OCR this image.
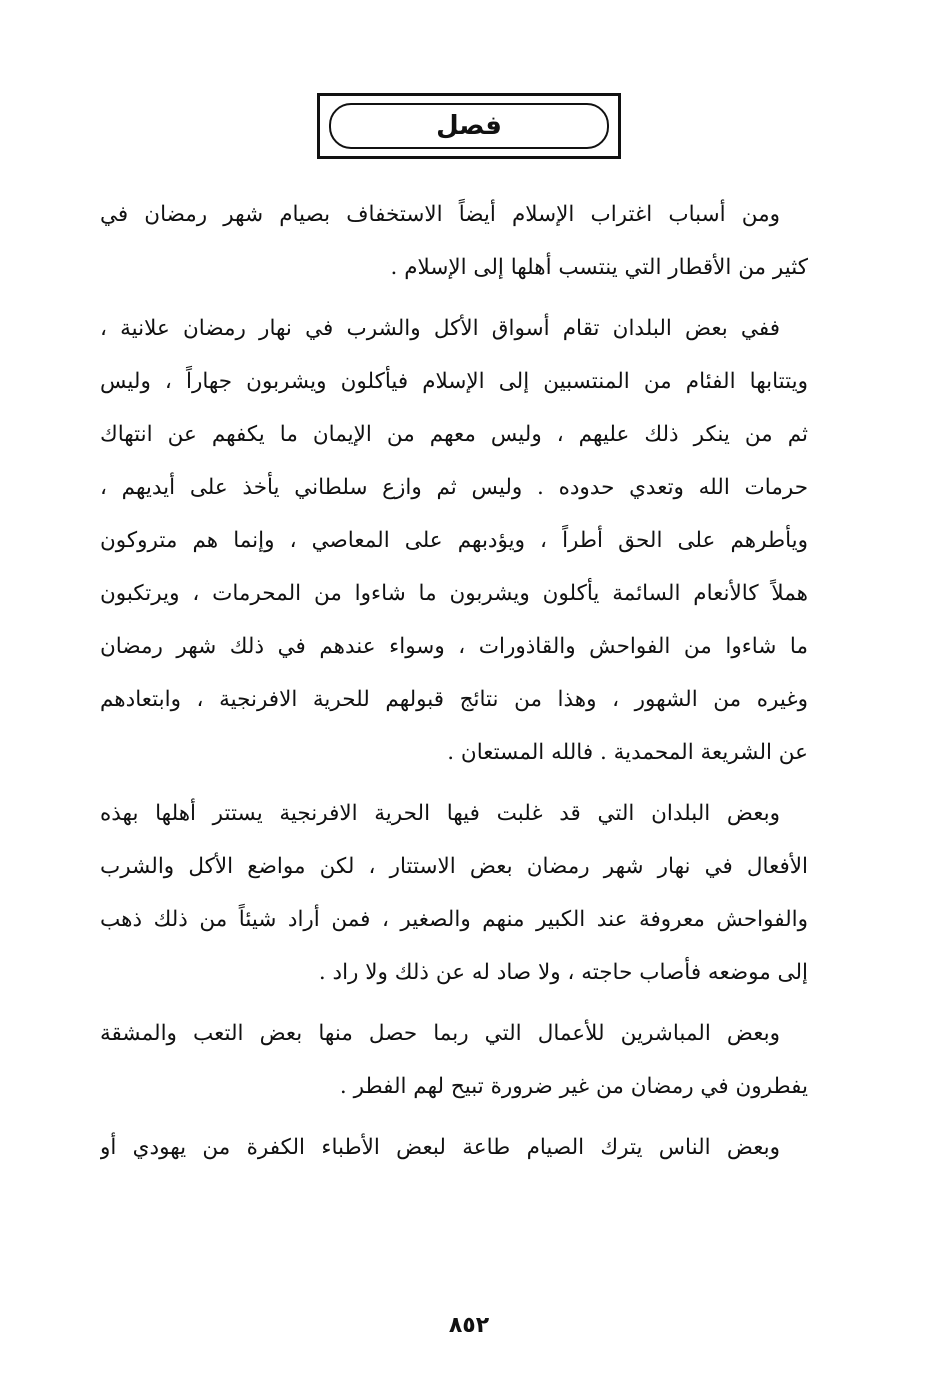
فصل

ومن أسباب اغتراب الإسلام أيضاً الاستخفاف بصيام شهر رمضان في
كثير من الأقطار التي ينتسب أهلها إلى الإسلام .

ففي بعض البلدان تقام أسواق الأكل والشرب في نهار رمضان علانية ،
ويتتابها الفئام من المنتسبين إلى الإسلام فيأكلون ويشربون جهاراً ، وليس
ثم من ينكر ذلك عليهم ، وليس معهم من الإيمان ما يكفهم عن انتهاك
حرمات الله وتعدي حدوده . وليس ثم وازع سلطاني يأخذ على أيديهم ،
ويأطرهم على الحق أطراً ، ويؤدبهم على المعاصي ، وإنما هم متروكون
هملاً كالأنعام السائمة يأكلون ويشربون ما شاءوا من المحرمات ، ويرتكبون
ما شاءوا من الفواحش والقاذورات ، وسواء عندهم في ذلك شهر رمضان
وغيره من الشهور ، وهذا من نتائج قبولهم للحرية الافرنجية ، وابتعادهم
عن الشريعة المحمدية . فالله المستعان .

وبعض البلدان التي قد غلبت فيها الحرية الافرنجية يستتر أهلها بهذه
الأفعال في نهار شهر رمضان بعض الاستتار ، لكن مواضع الأكل والشرب
والفواحش معروفة عند الكبير منهم والصغير ، فمن أراد شيئاً من ذلك ذهب
إلى موضعه فأصاب حاجته ، ولا صاد له عن ذلك ولا راد .

وبعض المباشرين للأعمال التي ربما حصل منها بعض التعب والمشقة
يفطرون في رمضان من غير ضرورة تبيح لهم الفطر .

وبعض الناس يترك الصيام طاعة لبعض الأطباء الكفرة من يهودي أو

٨٥٢
